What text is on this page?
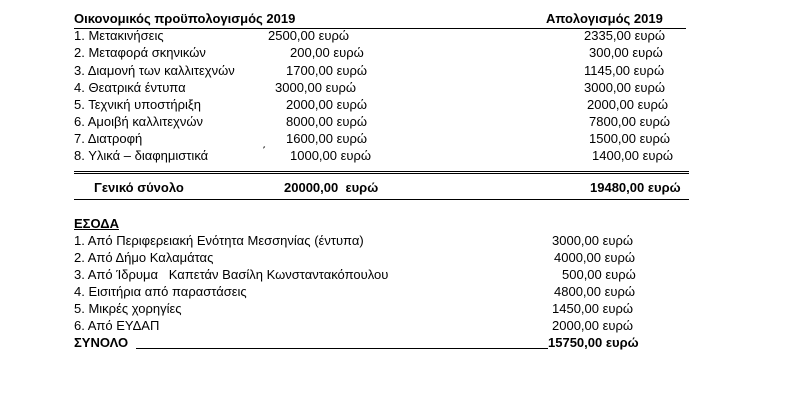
Οικονομικός προϋπολογισμός 2019	Απολογισμός 2019
1. Μετακινήσεις	2500,00 ευρώ	2335,00 ευρώ
2. Μεταφορά σκηνικών	200,00 ευρώ	300,00 ευρώ
3. Διαμονή των καλλιτεχνών	1700,00 ευρώ	1145,00 ευρώ
4. Θεατρικά έντυπα	3000,00 ευρώ	3000,00 ευρώ
5. Τεχνική υποστήριξη	2000,00 ευρώ	2000,00 ευρώ
6. Αμοιβή καλλιτεχνών	8000,00 ευρώ	7800,00 ευρώ
7. Διατροφή	1600,00 ευρώ	1500,00 ευρώ
8. Υλικά – διαφημιστικά	΄ 1000,00 ευρώ	1400,00 ευρώ
Γενικό σύνολο	20000,00  ευρώ	19480,00 ευρώ
ΕΣΟΔΑ
1. Από Περιφερειακή Ενότητα Μεσσηνίας (έντυπα)	3000,00 ευρώ
2. Από Δήμο Καλαμάτας	4000,00 ευρώ
3. Από Ίδρυμα   Καπετάν Βασίλη Κωνσταντακόπουλου	500,00 ευρώ
4. Εισιτήρια από παραστάσεις	4800,00 ευρώ
5. Μικρές χορηγίες	1450,00 ευρώ
6. Από ΕΥΔΑΠ	2000,00 ευρώ
ΣΥΝΟΛΟ	15750,00 ευρώ
